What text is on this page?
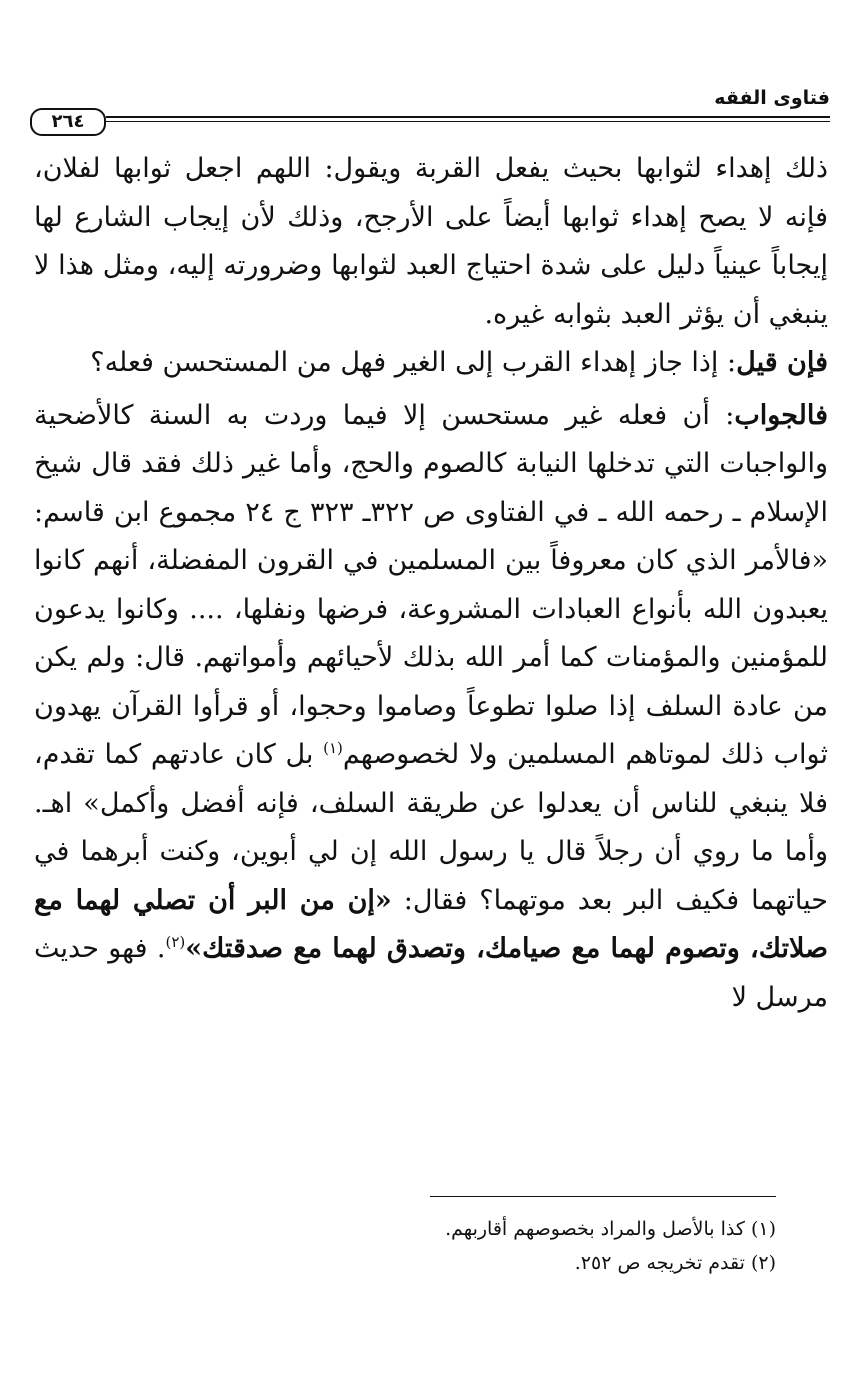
فتاوى الفقه
٢٦٤

ذلك إهداء لثوابها بحيث يفعل القربة ويقول: اللهم اجعل ثوابها لفلان، فإنه لا يصح إهداء ثوابها أيضاً على الأرجح، وذلك لأن إيجاب الشارع لها إيجاباً عينياً دليل على شدة احتياج العبد لثوابها وضرورته إليه، ومثل هذا لا ينبغي أن يؤثر العبد بثوابه غيره.

فإن قيل: إذا جاز إهداء القرب إلى الغير فهل من المستحسن فعله؟

فالجواب: أن فعله غير مستحسن إلا فيما وردت به السنة كالأضحية والواجبات التي تدخلها النيابة كالصوم والحج، وأما غير ذلك فقد قال شيخ الإسلام ـ رحمه الله ـ في الفتاوى ص ٣٢٢ـ ٣٢٣ ج ٢٤ مجموع ابن قاسم: «فالأمر الذي كان معروفاً بين المسلمين في القرون المفضلة، أنهم كانوا يعبدون الله بأنواع العبادات المشروعة، فرضها ونفلها، .... وكانوا يدعون للمؤمنين والمؤمنات كما أمر الله بذلك لأحيائهم وأمواتهم. قال: ولم يكن من عادة السلف إذا صلوا تطوعاً وصاموا وحجوا، أو قرأوا القرآن يهدون ثواب ذلك لموتاهم المسلمين ولا لخصوصهم$^{(١)}$ بل كان عادتهم كما تقدم، فلا ينبغي للناس أن يعدلوا عن طريقة السلف، فإنه أفضل وأكمل» اهـ. وأما ما روي أن رجلاً قال يا رسول الله إن لي أبوين، وكنت أبرهما في حياتهما فكيف البر بعد موتهما؟ فقال: «إن من البر أن تصلي لهما مع صلاتك، وتصوم لهما مع صيامك، وتصدق لهما مع صدقتك»$^{(٢)}$. فهو حديث مرسل لا

(١) كذا بالأصل والمراد بخصوصهم أقاربهم.

(٢) تقدم تخريجه ص ٢٥٢.
